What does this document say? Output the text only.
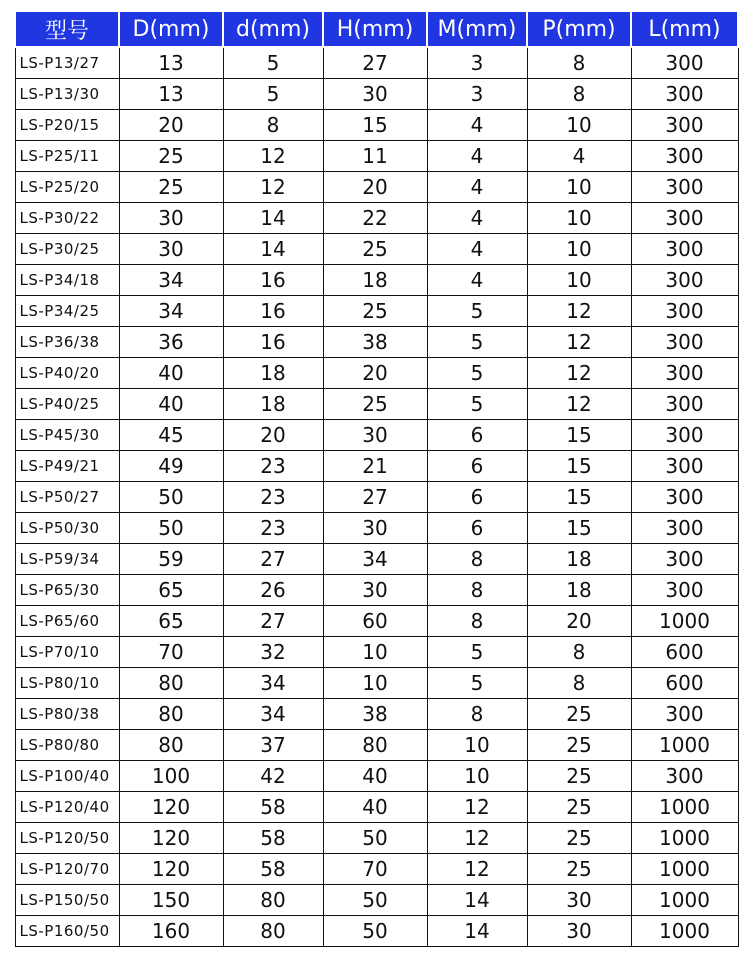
型号	D(mm)	d(mm)	H(mm)	M(mm)	P(mm)	L(mm)
LS-P13/27	13	5	27	3	8	300
LS-P13/30	13	5	30	3	8	300
LS-P20/15	20	8	15	4	10	300
LS-P25/11	25	12	11	4	4	300
LS-P25/20	25	12	20	4	10	300
LS-P30/22	30	14	22	4	10	300
LS-P30/25	30	14	25	4	10	300
LS-P34/18	34	16	18	4	10	300
LS-P34/25	34	16	25	5	12	300
LS-P36/38	36	16	38	5	12	300
LS-P40/20	40	18	20	5	12	300
LS-P40/25	40	18	25	5	12	300
LS-P45/30	45	20	30	6	15	300
LS-P49/21	49	23	21	6	15	300
LS-P50/27	50	23	27	6	15	300
LS-P50/30	50	23	30	6	15	300
LS-P59/34	59	27	34	8	18	300
LS-P65/30	65	26	30	8	18	300
LS-P65/60	65	27	60	8	20	1000
LS-P70/10	70	32	10	5	8	600
LS-P80/10	80	34	10	5	8	600
LS-P80/38	80	34	38	8	25	300
LS-P80/80	80	37	80	10	25	1000
LS-P100/40	100	42	40	10	25	300
LS-P120/40	120	58	40	12	25	1000
LS-P120/50	120	58	50	12	25	1000
LS-P120/70	120	58	70	12	25	1000
LS-P150/50	150	80	50	14	30	1000
LS-P160/50	160	80	50	14	30	1000
